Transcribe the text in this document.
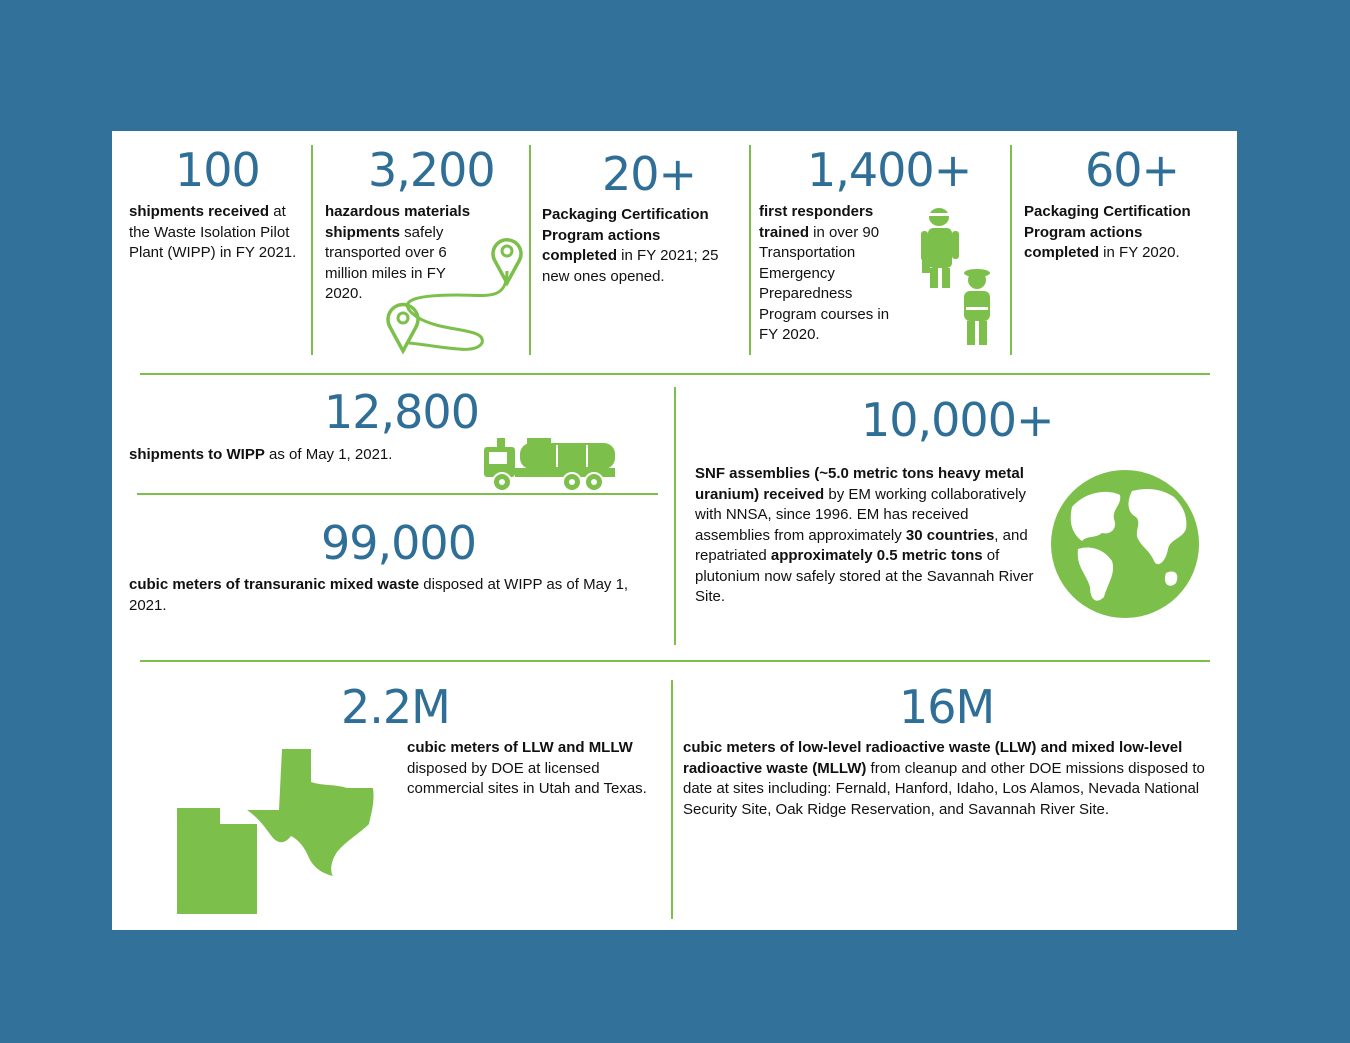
100
shipments received at the Waste Isolation Pilot Plant (WIPP) in FY 2021.
3,200
hazardous materials shipments safely transported over 6 million miles in FY 2020.
20+
Packaging Certification Program actions completed in FY 2021; 25 new ones opened.
1,400+
first responders trained in over 90 Transportation Emergency Preparedness Program courses in FY 2020.
60+
Packaging Certification Program actions completed in FY 2020.
12,800
shipments to WIPP as of May 1, 2021.
99,000
cubic meters of transuranic mixed waste disposed at WIPP as of May 1, 2021.
10,000+
SNF assemblies (~5.0 metric tons heavy metal uranium) received by EM working collaboratively with NNSA, since 1996. EM has received assemblies from approximately 30 countries, and repatriated approximately 0.5 metric tons of plutonium now safely stored at the Savannah River Site.
2.2M
cubic meters of LLW and MLLW disposed by DOE at licensed commercial sites in Utah and Texas.
16M
cubic meters of low-level radioactive waste (LLW) and mixed low-level radioactive waste (MLLW) from cleanup and other DOE missions disposed to date at sites including: Fernald, Hanford, Idaho, Los Alamos, Nevada National Security Site, Oak Ridge Reservation, and Savannah River Site.
